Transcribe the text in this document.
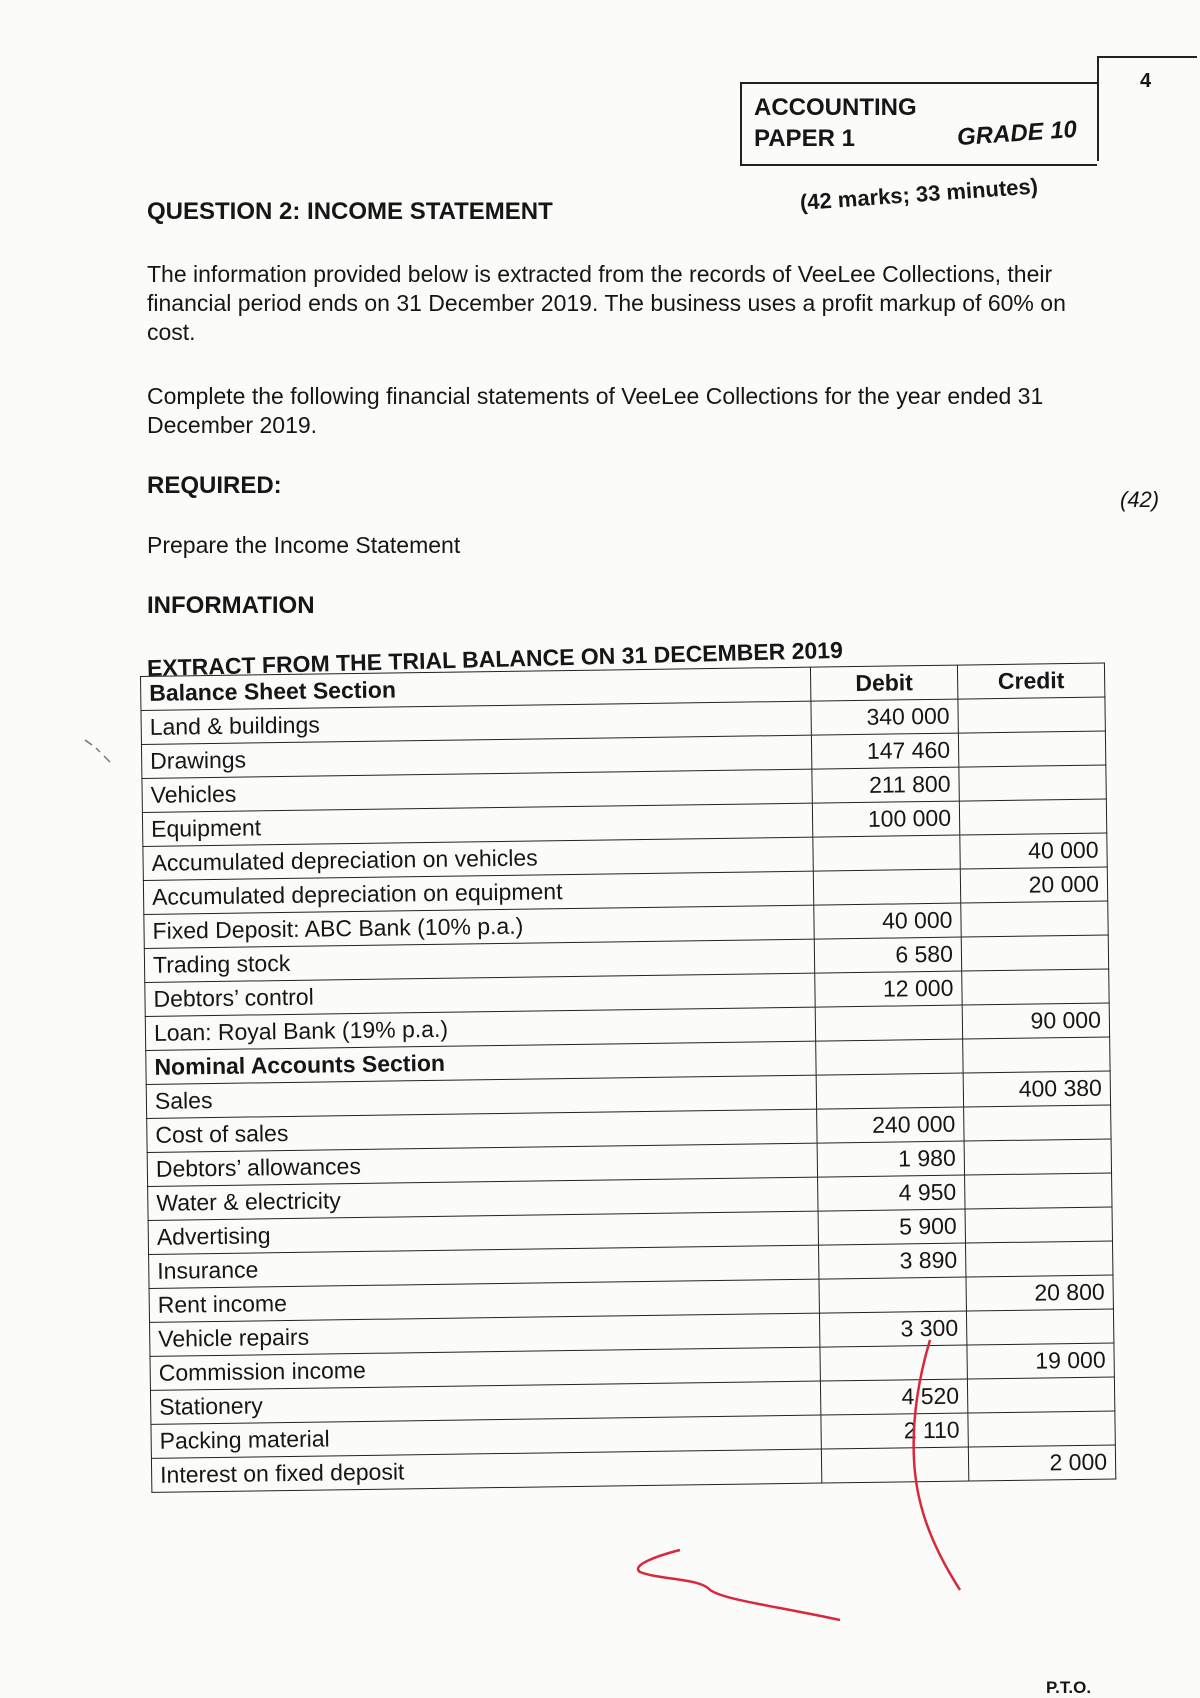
4
ACCOUNTING
PAPER 1	GRADE 10
QUESTION 2: INCOME STATEMENT	(42 marks; 33 minutes)
The information provided below is extracted from the records of VeeLee Collections, their financial period ends on 31 December 2019. The business uses a profit markup of 60% on cost.
Complete the following financial statements of VeeLee Collections for the year ended 31 December 2019.
REQUIRED:
(42)
Prepare the Income Statement
INFORMATION
EXTRACT FROM THE TRIAL BALANCE ON 31 DECEMBER 2019
Balance Sheet Section	Debit	Credit
Land & buildings	340 000	
Drawings	147 460	
Vehicles	211 800	
Equipment	100 000	
Accumulated depreciation on vehicles		40 000
Accumulated depreciation on equipment		20 000
Fixed Deposit: ABC Bank (10% p.a.)	40 000	
Trading stock	6 580	
Debtors’ control	12 000	
Loan: Royal Bank (19% p.a.)		90 000
Nominal Accounts Section		
Sales		400 380
Cost of sales	240 000	
Debtors’ allowances	1 980	
Water & electricity	4 950	
Advertising	5 900	
Insurance	3 890	
Rent income		20 800
Vehicle repairs	3 300	
Commission income		19 000
Stationery	4 520	
Packing material	2 110	
Interest on fixed deposit		2 000
P.T.O.
